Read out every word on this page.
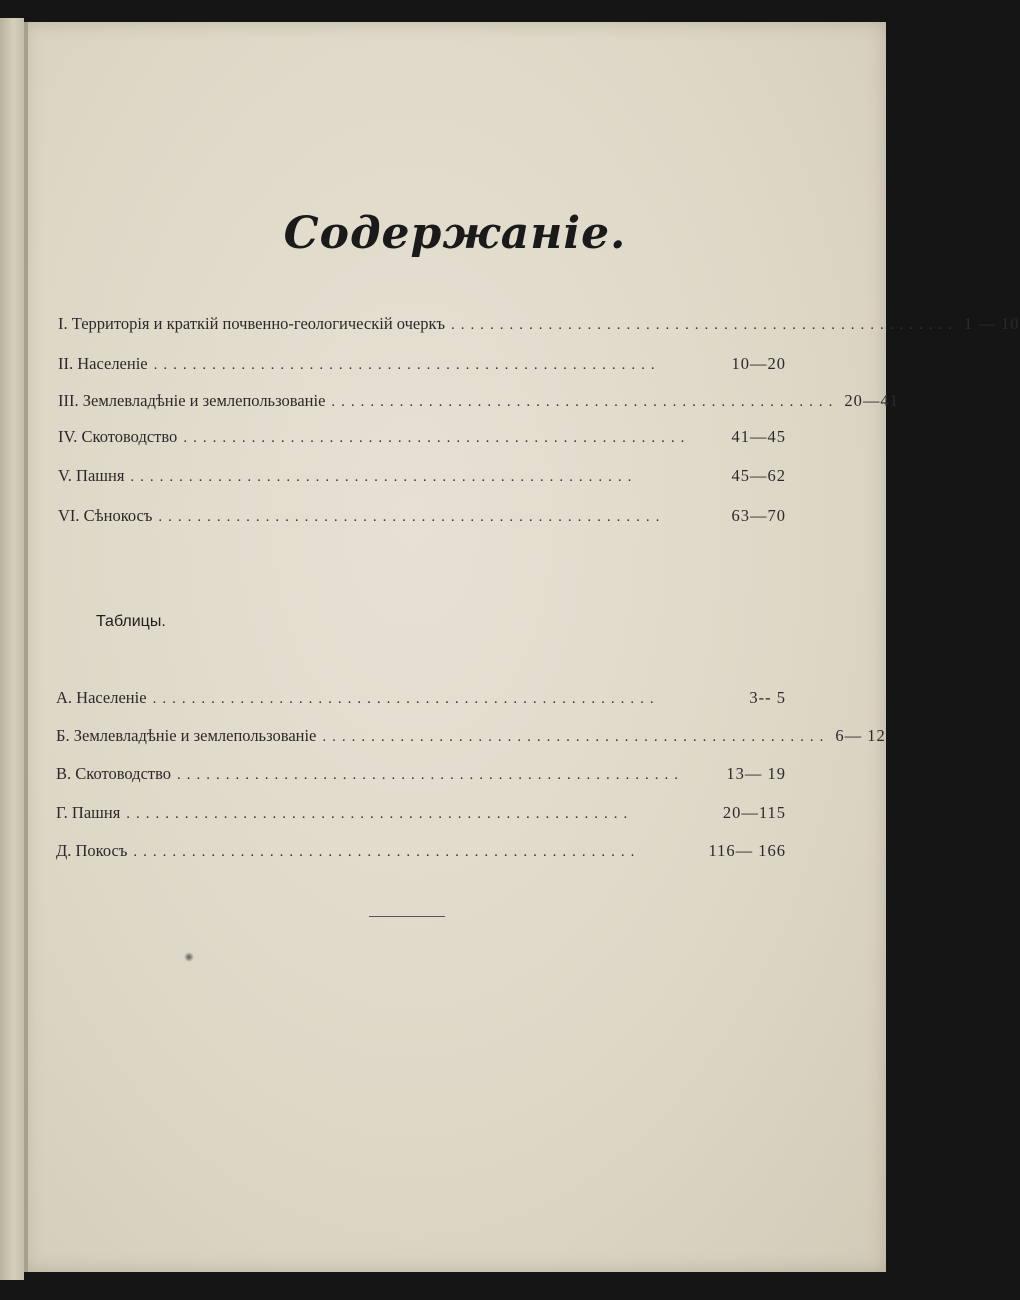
Содержаніе.
I. Территорія и краткій почвенно-геологическій очеркъ .................................................... 1 — 10
II. Населеніе ....................................................	10—20
III. Землевладѣніе и землепользованіе .................................................... 20—41
IV. Скотоводство ....................................................	41—45
V. Пашня ....................................................	45—62
VI. Сѣнокосъ ....................................................	63—70
Таблицы.
А. Населеніе ....................................................	3-- 5
Б. Землевладѣніе и землепользованіе .................................................... 6— 12
В. Скотоводство ....................................................	13— 19
Г. Пашня ....................................................	20—115
Д. Покосъ ....................................................	116— 166
